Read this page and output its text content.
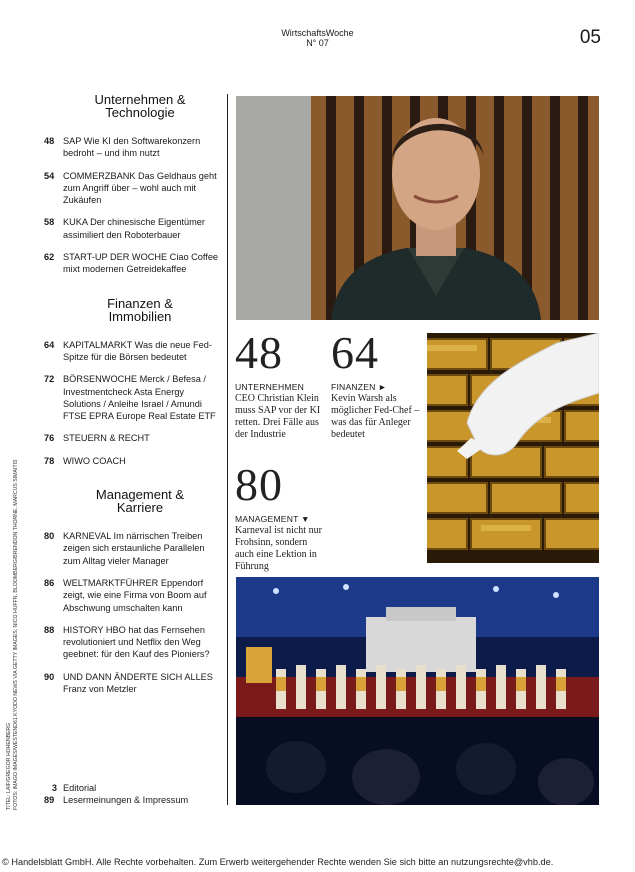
WirtschaftsWoche
N° 07	05
Unternehmen &
Technologie
48 SAP Wie KI den Softwarekonzern bedroht – und ihm nutzt
54 COMMERZBANK Das Geldhaus geht zum Angriff über – wohl auch mit Zukäufen
58 KUKA Der chinesische Eigentümer assimiliert den Roboterbauer
62 START-UP DER WOCHE Ciao Coffee mixt modernen Getreidekaffee
Finanzen &
Immobilien
64 KAPITALMARKT Was die neue Fed-Spitze für die Börsen bedeutet
72 BÖRSENWOCHE Merck / Befesa / Investmentcheck Asta Energy Solutions / Anleihe Israel / Amundi FTSE EPRA Europe Real Estate ETF
76 STEUERN & RECHT
78 WIWO COACH
Management &
Karriere
80 KARNEVAL Im närrischen Treiben zeigen sich erstaunliche Parallelen zum Alltag vieler Manager
86 WELTMARKTFÜHRER Eppendorf zeigt, wie eine Firma von Boom auf Abschwung umschalten kann
88 HISTORY HBO hat das Fernsehen revolutioniert und Netflix den Weg geebnet: für den Kauf des Pioniers?
90 UND DANN ÄNDERTE SICH ALLES Franz von Metzler
3 Editorial
89 Lesermeinungen & Impressum
TITEL: LAIF/GREGOR HOHENBERG FOTOS: IMAGO IMAGES/WESTEND61 KYODO NEWS VIA GETTY IMAGES; NICO HUFFN, BLOOMBERG/BRENDON THORNE, MARCUS SIMAITIS
48
UNTERNEHMEN
CEO Christian Klein muss SAP vor der KI retten. Drei Fälle aus der Industrie
64
FINANZEN ►
Kevin Warsh als möglicher Fed-Chef – was das für Anleger bedeutet
80
MANAGEMENT ▼
Karneval ist nicht nur Frohsinn, sondern auch eine Lektion in Führung
© Handelsblatt GmbH. Alle Rechte vorbehalten. Zum Erwerb weitergehender Rechte wenden Sie sich bitte an nutzungsrechte@vhb.de.
